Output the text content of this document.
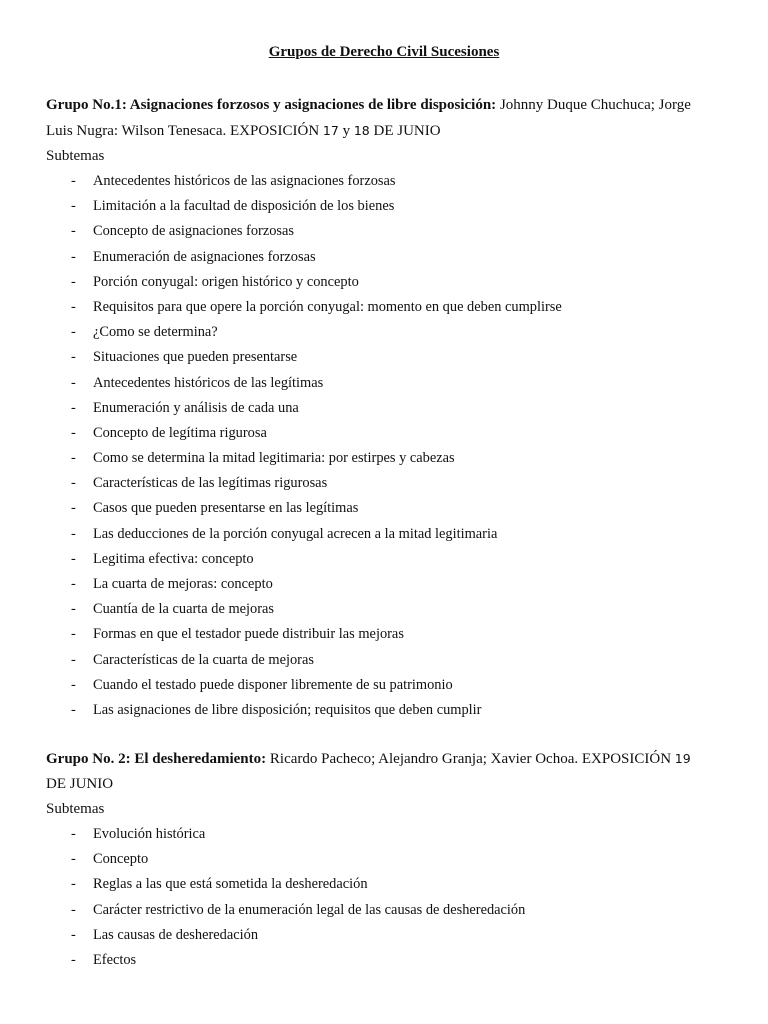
Grupos de Derecho Civil Sucesiones

Grupo No.1: Asignaciones forzosos y asignaciones de libre disposición: Johnny Duque Chuchuca; Jorge
Luis Nugra: Wilson Tenesaca. EXPOSICIÓN 17 y 18 DE JUNIO

Subtemas

- Antecedentes históricos de las asignaciones forzosas
- Limitación a la facultad de disposición de los bienes
- Concepto de asignaciones forzosas
- Enumeración de asignaciones forzosas
- Porción conyugal: origen histórico y concepto
- Requisitos para que opere la porción conyugal: momento en que deben cumplirse
- ¿Como se determina?
- Situaciones que pueden presentarse
- Antecedentes históricos de las legítimas
- Enumeración y análisis de cada una
- Concepto de legítima rigurosa
- Como se determina la mitad legitimaria: por estirpes y cabezas
- Características de las legítimas rigurosas
- Casos que pueden presentarse en las legítimas
- Las deducciones de la porción conyugal acrecen a la mitad legitimaria
- Legitima efectiva: concepto
- La cuarta de mejoras: concepto
- Cuantía de la cuarta de mejoras
- Formas en que el testador puede distribuir las mejoras
- Características de la cuarta de mejoras
- Cuando el testado puede disponer libremente de su patrimonio
- Las asignaciones de libre disposición; requisitos que deben cumplir

Grupo No. 2: El desheredamiento: Ricardo Pacheco; Alejandro Granja; Xavier Ochoa. EXPOSICIÓN 19
DE JUNIO

Subtemas

- Evolución histórica
- Concepto
- Reglas a las que está sometida la desheredación
- Carácter restrictivo de la enumeración legal de las causas de desheredación
- Las causas de desheredación
- Efectos
